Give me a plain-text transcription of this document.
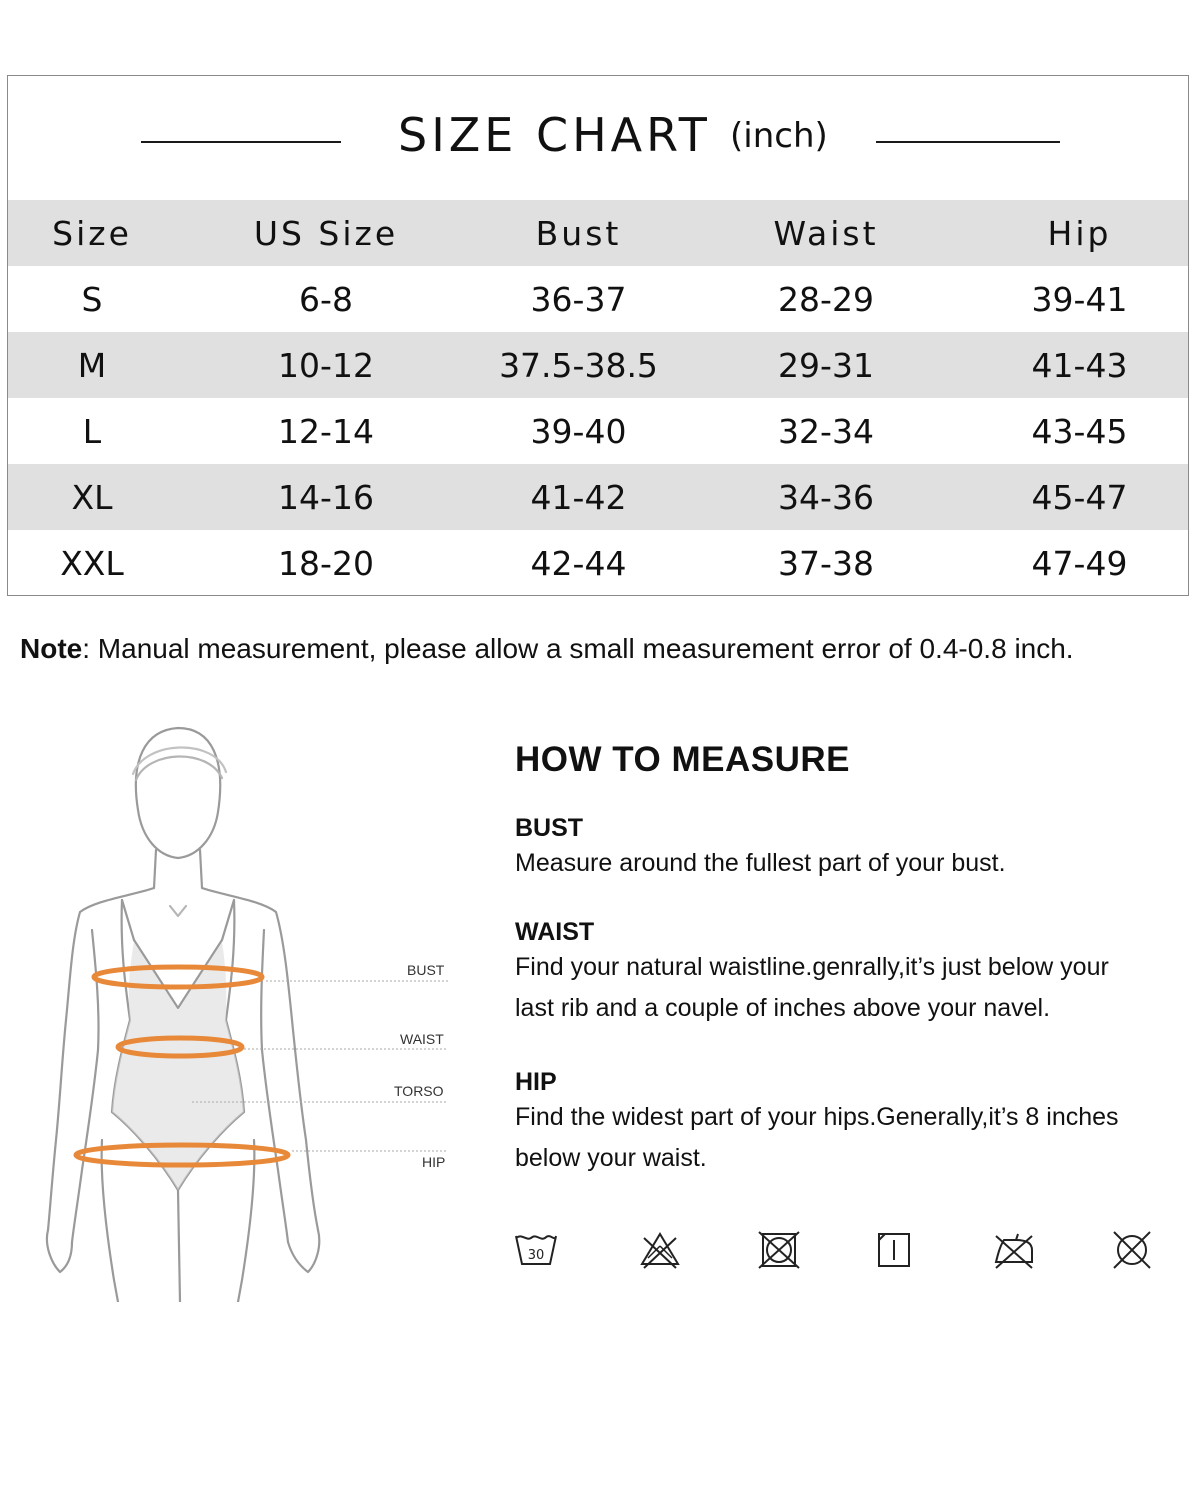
SIZE CHART (inch)
Size	US Size	Bust	Waist	Hip
S	6-8	36-37	28-29	39-41
M	10-12	37.5-38.5	29-31	41-43
L	12-14	39-40	32-34	43-45
XL	14-16	41-42	34-36	45-47
XXL	18-20	42-44	37-38	47-49
Note: Manual measurement, please allow a small measurement error of 0.4-0.8 inch.
BUST
WAIST
TORSO
HIP
HOW TO MEASURE
BUST

Measure around the fullest part of your bust.

WAIST

Find your natural waistline.genrally,it’s just below your

last rib and a couple of inches above your navel.

HIP

Find the widest part of your hips.Generally,it’s 8 inches

below your waist.

30
